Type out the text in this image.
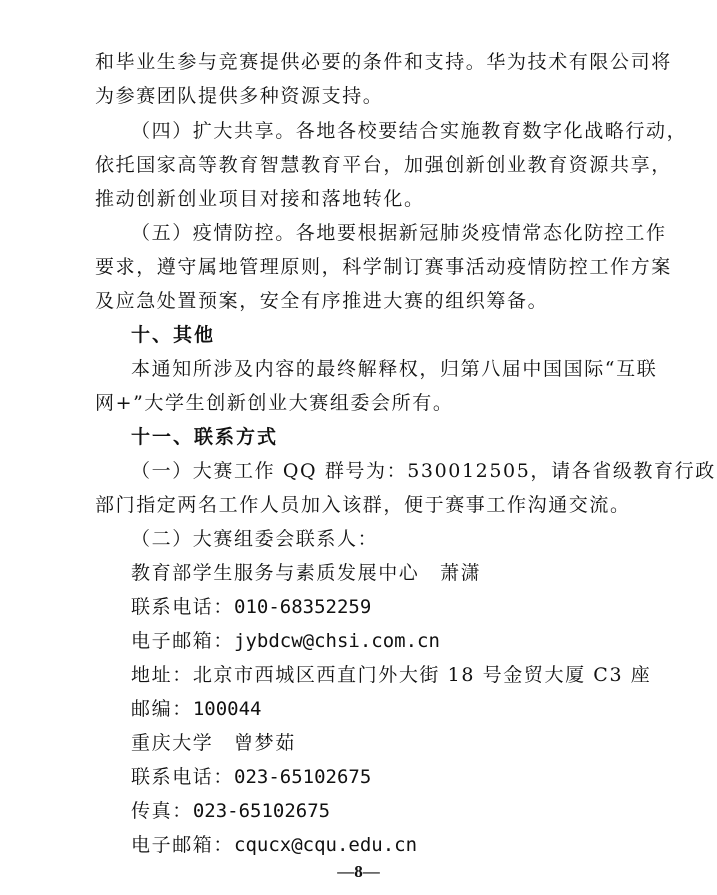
和毕业生参与竞赛提供必要的条件和支持。华为技术有限公司将
为参赛团队提供多种资源支持。
（四）扩大共享。各地各校要结合实施教育数字化战略行动，
依托国家高等教育智慧教育平台，加强创新创业教育资源共享，
推动创新创业项目对接和落地转化。
（五）疫情防控。各地要根据新冠肺炎疫情常态化防控工作
要求，遵守属地管理原则，科学制订赛事活动疫情防控工作方案
及应急处置预案，安全有序推进大赛的组织筹备。
十、其他
本通知所涉及内容的最终解释权，归第八届中国国际“互联
网+”大学生创新创业大赛组委会所有。
十一、联系方式
（一）大赛工作 QQ 群号为：530012505，请各省级教育行政
部门指定两名工作人员加入该群，便于赛事工作沟通交流。
（二）大赛组委会联系人：
教育部学生服务与素质发展中心　萧潇
联系电话：010-68352259
电子邮箱：jybdcw@chsi.com.cn
地址：北京市西城区西直门外大街 18 号金贸大厦 C3 座
邮编：100044
重庆大学　曾梦茹
联系电话：023-65102675
传真：023-65102675
电子邮箱：cqucx@cqu.edu.cn
—8—
